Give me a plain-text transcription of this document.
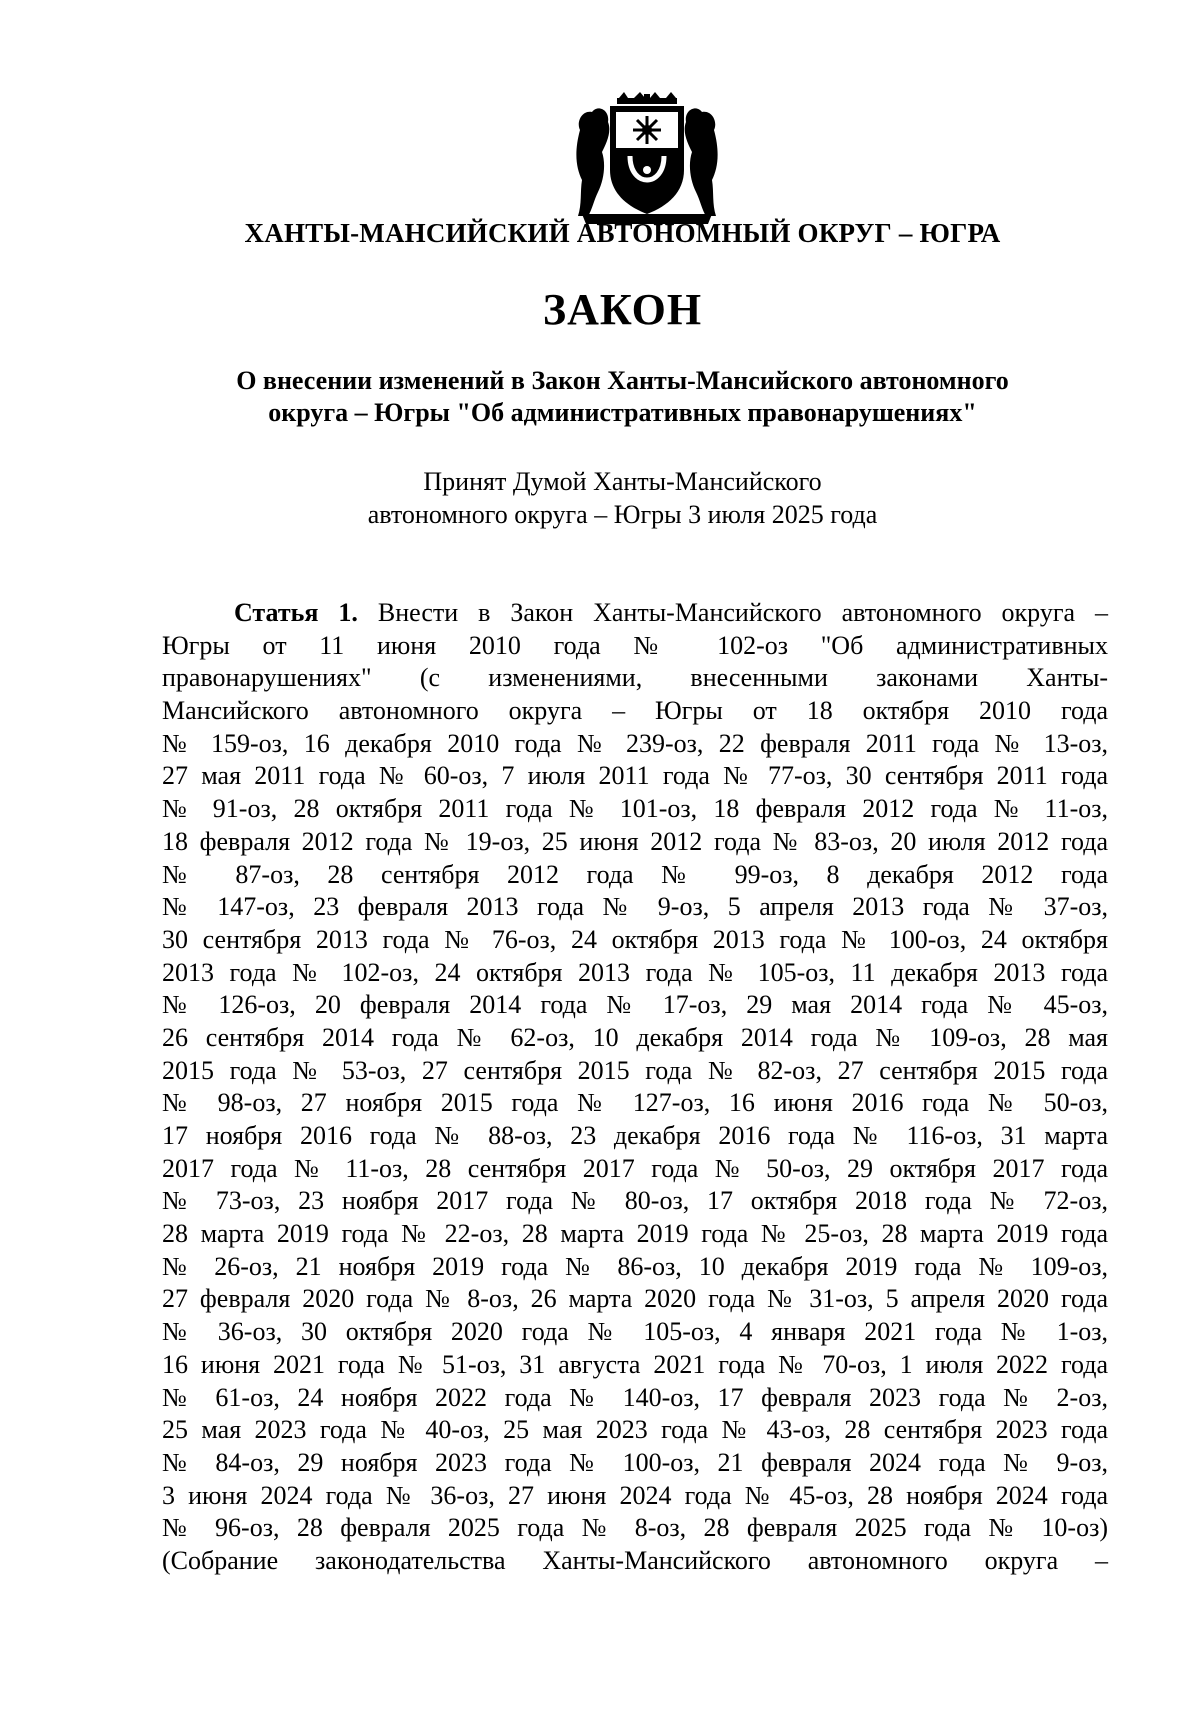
ХАНТЫ-МАНСИЙСКИЙ АВТОНОМНЫЙ ОКРУГ – ЮГРА
ЗАКОН
О внесении изменений в Закон Ханты-Мансийского автономного
округа – Югры "Об административных правонарушениях"
Принят Думой Ханты-Мансийского
автономного округа – Югры 3 июля 2025 года
Статья 1. Внести в Закон Ханты-Мансийского автономного округа –
Югры от 11 июня 2010 года № 102-оз "Об административных
правонарушениях" (с изменениями, внесенными законами Ханты-
Мансийского автономного округа – Югры от 18 октября 2010 года
№ 159-оз, 16 декабря 2010 года № 239-оз, 22 февраля 2011 года № 13-оз,
27 мая 2011 года № 60-оз, 7 июля 2011 года № 77-оз, 30 сентября 2011 года
№ 91-оз, 28 октября 2011 года № 101-оз, 18 февраля 2012 года № 11-оз,
18 февраля 2012 года № 19-оз, 25 июня 2012 года № 83-оз, 20 июля 2012 года
№ 87-оз, 28 сентября 2012 года № 99-оз, 8 декабря 2012 года
№ 147-оз, 23 февраля 2013 года № 9-оз, 5 апреля 2013 года № 37-оз,
30 сентября 2013 года № 76-оз, 24 октября 2013 года № 100-оз, 24 октября
2013 года № 102-оз, 24 октября 2013 года № 105-оз, 11 декабря 2013 года
№ 126-оз, 20 февраля 2014 года № 17-оз, 29 мая 2014 года № 45-оз,
26 сентября 2014 года № 62-оз, 10 декабря 2014 года № 109-оз, 28 мая
2015 года № 53-оз, 27 сентября 2015 года № 82-оз, 27 сентября 2015 года
№ 98-оз, 27 ноября 2015 года № 127-оз, 16 июня 2016 года № 50-оз,
17 ноября 2016 года № 88-оз, 23 декабря 2016 года № 116-оз, 31 марта
2017 года № 11-оз, 28 сентября 2017 года № 50-оз, 29 октября 2017 года
№ 73-оз, 23 ноября 2017 года № 80-оз, 17 октября 2018 года № 72-оз,
28 марта 2019 года № 22-оз, 28 марта 2019 года № 25-оз, 28 марта 2019 года
№ 26-оз, 21 ноября 2019 года № 86-оз, 10 декабря 2019 года № 109-оз,
27 февраля 2020 года № 8-оз, 26 марта 2020 года № 31-оз, 5 апреля 2020 года
№ 36-оз, 30 октября 2020 года № 105-оз, 4 января 2021 года № 1-оз,
16 июня 2021 года № 51-оз, 31 августа 2021 года № 70-оз, 1 июля 2022 года
№ 61-оз, 24 ноября 2022 года № 140-оз, 17 февраля 2023 года № 2-оз,
25 мая 2023 года № 40-оз, 25 мая 2023 года № 43-оз, 28 сентября 2023 года
№ 84-оз, 29 ноября 2023 года № 100-оз, 21 февраля 2024 года № 9-оз,
3 июня 2024 года № 36-оз, 27 июня 2024 года № 45-оз, 28 ноября 2024 года
№ 96-оз, 28 февраля 2025 года № 8-оз, 28 февраля 2025 года № 10-оз)
(Собрание законодательства Ханты-Мансийского автономного округа –
